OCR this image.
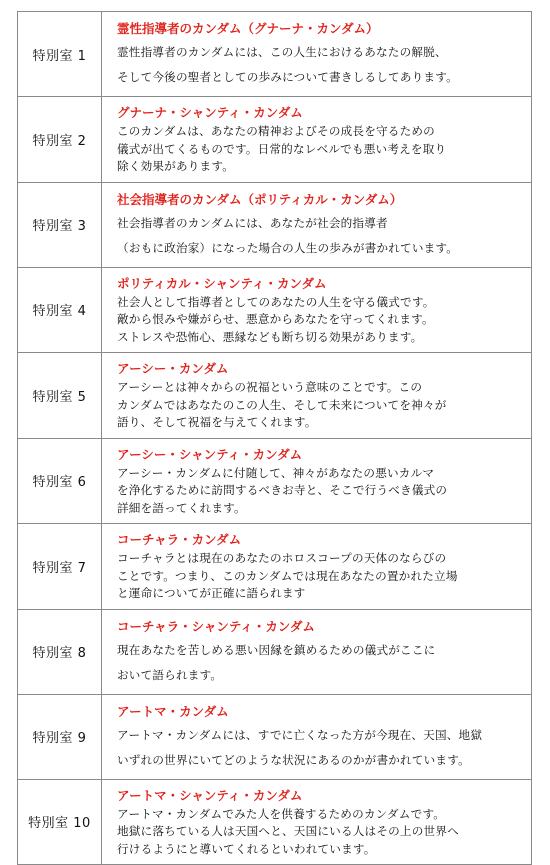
特別室 1	霊性指導者のカンダム（グナーナ・カンダム）
霊性指導者のカンダムには、この人生におけるあなたの解脱、
そして今後の聖者としての歩みについて書きしるしてあります。

特別室 2	グナーナ・シャンティ・カンダム
このカンダムは、あなたの精神およびその成長を守るための
儀式が出てくるものです。日常的なレベルでも悪い考えを取り
除く効果があります。

特別室 3	社会指導者のカンダム（ポリティカル・カンダム）
社会指導者のカンダムには、あなたが社会的指導者
（おもに政治家）になった場合の人生の歩みが書かれています。

特別室 4	ポリティカル・シャンティ・カンダム
社会人として指導者としてのあなたの人生を守る儀式です。
敵から恨みや嫌がらせ、悪意からあなたを守ってくれます。
ストレスや恐怖心、悪縁なども断ち切る効果があります。

特別室 5	アーシー・カンダム
アーシーとは神々からの祝福という意味のことです。この
カンダムではあなたのこの人生、そして未来についてを神々が
語り、そして祝福を与えてくれます。

特別室 6	アーシー・シャンティ・カンダム
アーシー・カンダムに付随して、神々があなたの悪いカルマ
を浄化するために訪問するべきお寺と、そこで行うべき儀式の
詳細を語ってくれます。

特別室 7	コーチャラ・カンダム
コーチャラとは現在のあなたのホロスコープの天体のならびの
ことです。つまり、このカンダムでは現在あなたの置かれた立場
と運命についてが正確に語られます

特別室 8	コーチャラ・シャンティ・カンダム
現在あなたを苦しめる悪い因縁を鎮めるための儀式がここに
おいて語られます。

特別室 9	アートマ・カンダム
アートマ・カンダムには、すでに亡くなった方が今現在、天国、地獄
いずれの世界にいてどのような状況にあるのかが書かれています。

特別室 10	アートマ・シャンティ・カンダム
アートマ・カンダムでみた人を供養するためのカンダムです。
地獄に落ちている人は天国へと、天国にいる人はその上の世界へ
行けるようにと導いてくれるといわれています。
